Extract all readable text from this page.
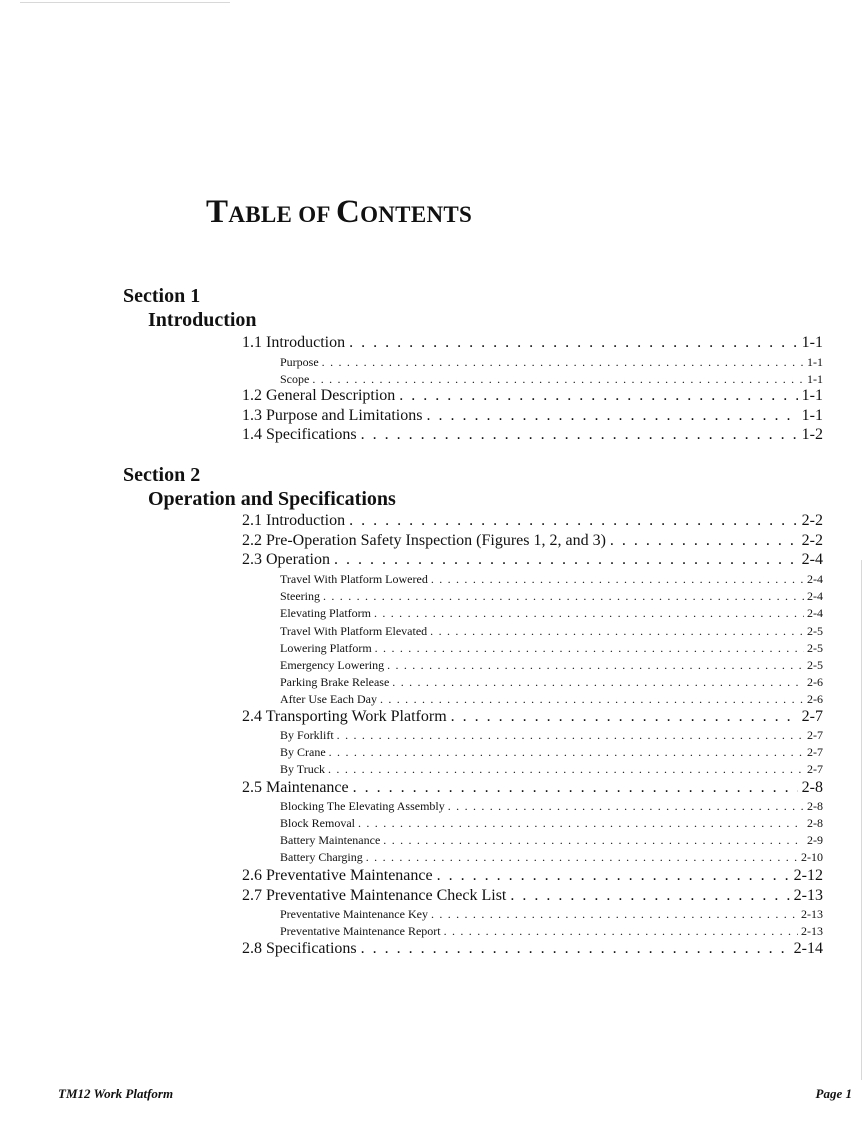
TABLE OF CONTENTS
Section 1
Introduction
1.1 Introduction . . .	1-1
Purpose . . .	1-1
Scope . . .	1-1
1.2 General Description . . .	1-1
1.3 Purpose and Limitations . . .	1-1
1.4 Specifications . . .	1-2
Section 2
Operation and Specifications
2.1 Introduction . . .	2-2
2.2 Pre-Operation Safety Inspection (Figures 1, 2, and 3) . . .	2-2
2.3 Operation . . .	2-4
Travel With Platform Lowered . . .	2-4
Steering . . .	2-4
Elevating Platform . . .	2-4
Travel With Platform Elevated . . .	2-5
Lowering Platform . . .	2-5
Emergency Lowering . . .	2-5
Parking Brake Release . . .	2-6
After Use Each Day . . .	2-6
2.4 Transporting Work Platform . . .	2-7
By Forklift . . .	2-7
By Crane . . .	2-7
By Truck . . .	2-7
2.5 Maintenance . . .	2-8
Blocking The Elevating Assembly . . .	2-8
Block Removal . . .	2-8
Battery Maintenance . . .	2-9
Battery Charging . . .	2-10
2.6 Preventative Maintenance . . .	2-12
2.7 Preventative Maintenance Check List . . .	2-13
Preventative Maintenance Key . . .	2-13
Preventative Maintenance Report . . .	2-13
2.8 Specifications . . .	2-14
TM12 Work Platform	Page 1
